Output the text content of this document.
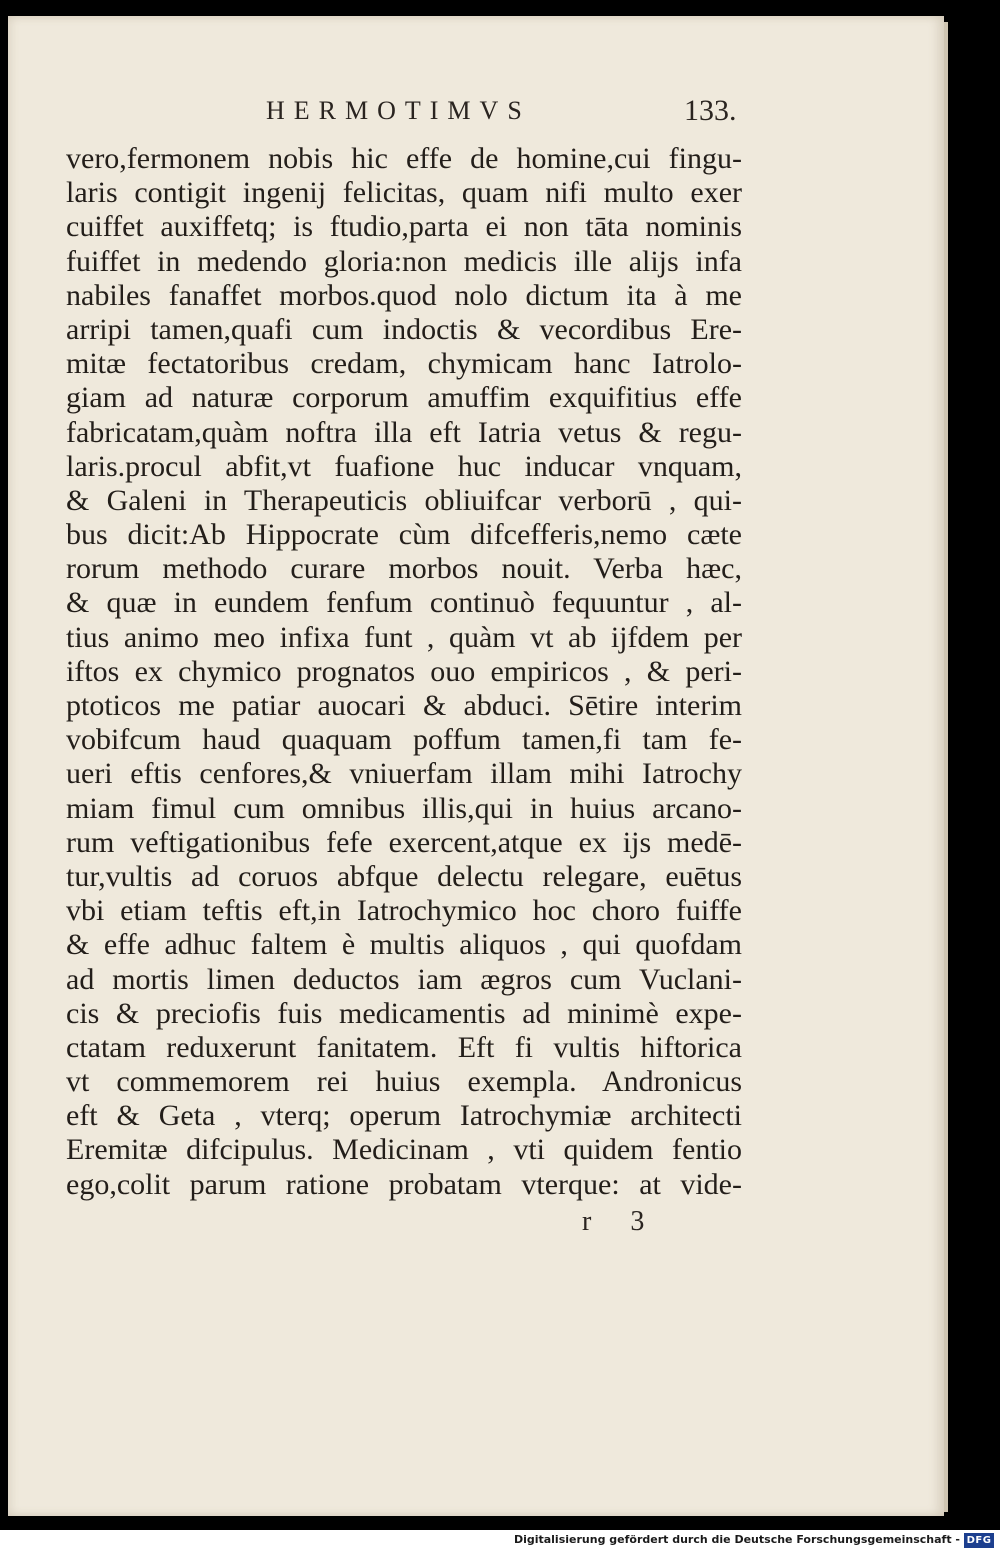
HERMOTIMVS	133.
vero,fermonem nobis hic effe de homine,cui fingu-
laris contigit ingenij felicitas, quam nifi multo exer
cuiffet auxiffetq; is ftudio,parta ei non tāta nominis
fuiffet in medendo gloria:non medicis ille alijs infa
nabiles fanaffet morbos.quod nolo dictum ita à me
arripi tamen,quafi cum indoctis & vecordibus Ere-
mitæ fectatoribus credam, chymicam hanc Iatrolo-
giam ad naturæ corporum amuffim exquifitius effe
fabricatam,quàm noftra illa eft Iatria vetus & regu-
laris.procul abfit,vt fuafione huc inducar vnquam,
& Galeni in Therapeuticis obliuifcar verborū , qui-
bus dicit:Ab Hippocrate cùm difcefferis,nemo cæte
rorum methodo curare morbos nouit. Verba hæc,
& quæ in eundem fenfum continuò fequuntur , al-
tius animo meo infixa funt , quàm vt ab ijfdem per
iftos ex chymico prognatos ouo empiricos , & peri-
ptoticos me patiar auocari & abduci. Sētire interim
vobifcum haud quaquam poffum tamen,fi tam fe-
ueri eftis cenfores,& vniuerfam illam mihi Iatrochy
miam fimul cum omnibus illis,qui in huius arcano-
rum veftigationibus fefe exercent,atque ex ijs medē-
tur,vultis ad coruos abfque delectu relegare, euētus
vbi etiam teftis eft,in Iatrochymico hoc choro fuiffe
& effe adhuc faltem è multis aliquos , qui quofdam
ad mortis limen deductos iam ægros cum Vuclani-
cis & preciofis fuis medicamentis ad minimè expe-
ctatam reduxerunt fanitatem. Eft fi vultis hiftorica
vt commemorem rei huius exempla. Andronicus
eft & Geta , vterq; operum Iatrochymiæ architecti
Eremitæ difcipulus. Medicinam , vti quidem fentio
ego,colit parum ratione probatam vterque: at vide-
r 3
Digitalisierung gefördert durch die Deutsche Forschungsgemeinschaft - DFG
